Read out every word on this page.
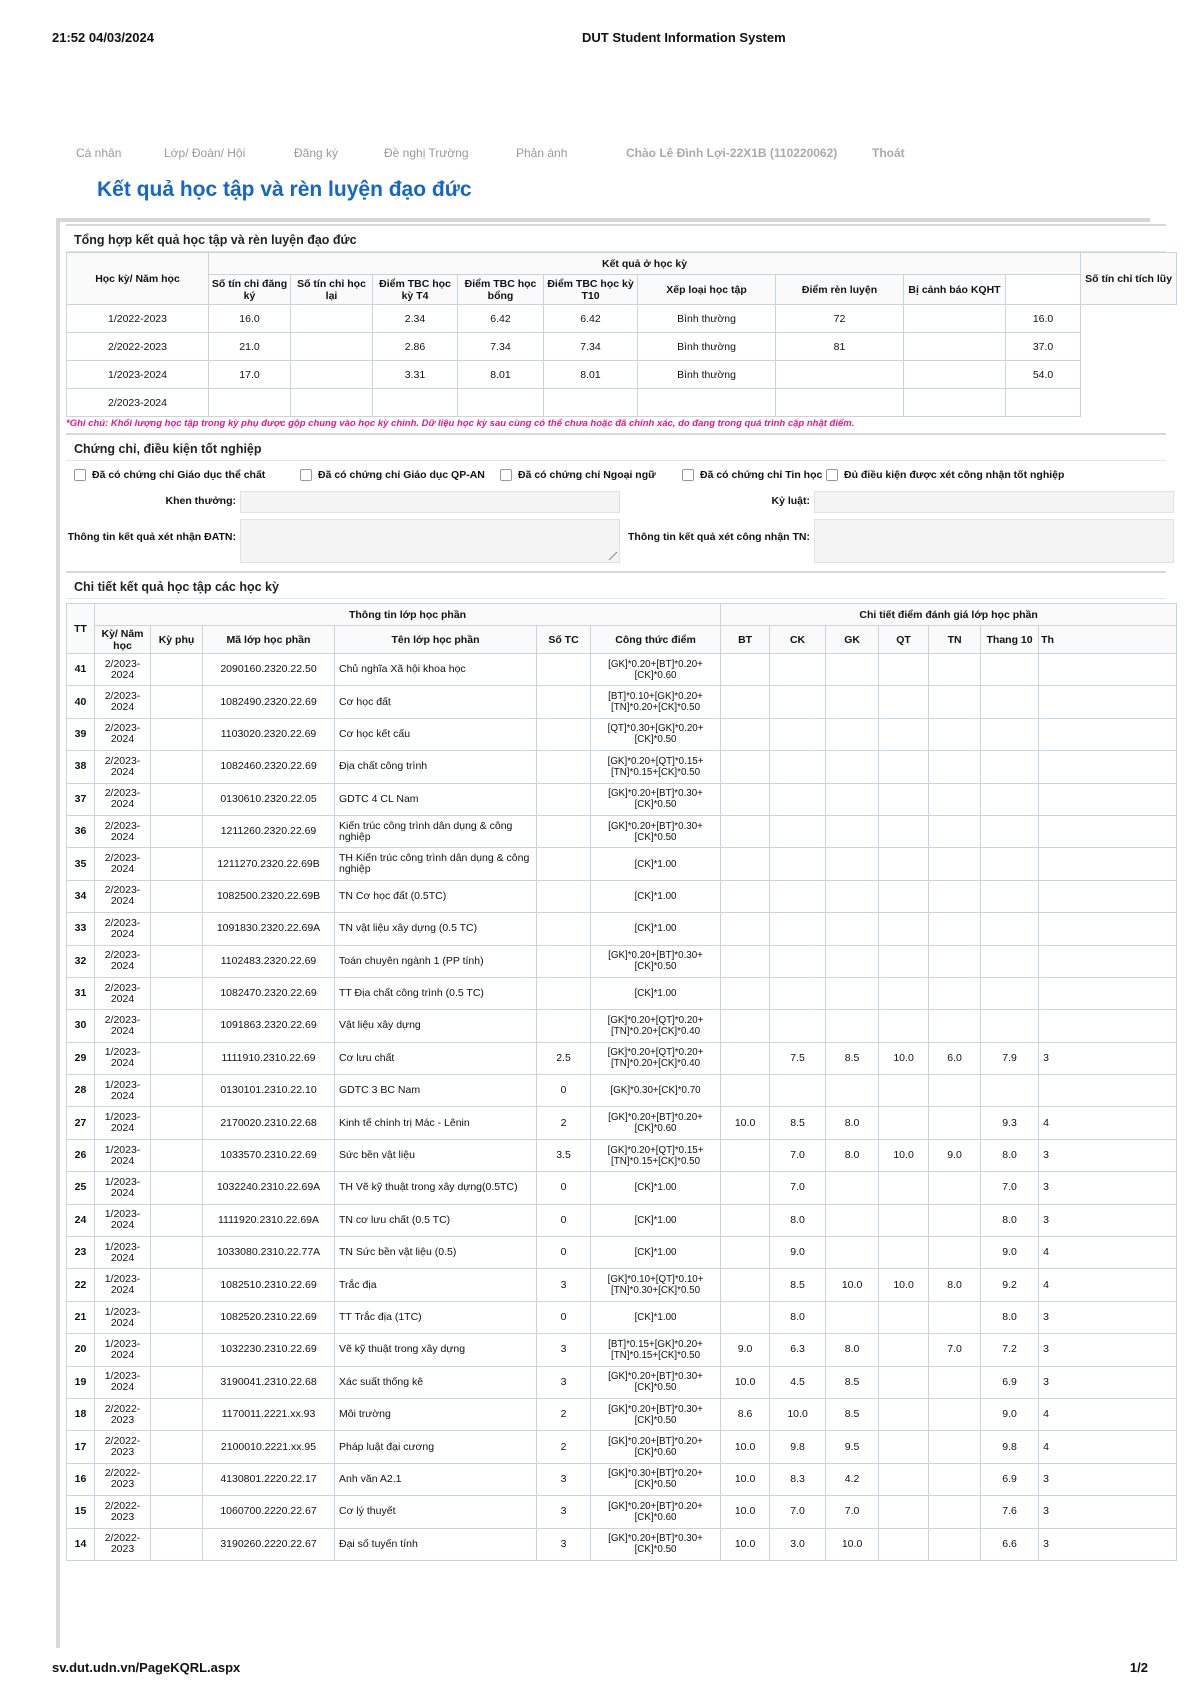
21:52 04/03/2024	DUT Student Information System
Cá nhân	Lớp/ Đoàn/ Hội	Đăng ký	Đề nghị Trường	Phản ánh	Chào Lê Đình Lợi-22X1B (110220062)	Thoát
Kết quả học tập và rèn luyện đạo đức
Tổng hợp kết quả học tập và rèn luyện đạo đức
Học kỳ/ Năm học	Kết quả ở học kỳ									Số tín chỉ tích lũy
	Số tín chỉ đăng ký	Số tín chỉ học lại	Điểm TBC học kỳ T4	Điểm TBC học bổng	Điểm TBC học kỳ T10	Xếp loại học tập	Điểm rèn luyện	Bị cảnh báo KQHT		
1/2022-2023	16.0		2.34	6.42	6.42	Bình thường	72		16.0	
2/2022-2023	21.0		2.86	7.34	7.34	Bình thường	81		37.0	
1/2023-2024	17.0		3.31	8.01	8.01	Bình thường			54.0	
2/2023-2024										
*Ghi chú: Khối lượng học tập trong kỳ phụ được gộp chung vào học kỳ chính. Dữ liệu học kỳ sau cùng có thể chưa hoặc đã chính xác, do đang trong quá trình cập nhật điểm.
Chứng chỉ, điều kiện tốt nghiệp
Đã có chứng chỉ Giáo dục thể chất	Đã có chứng chỉ Giáo dục QP-AN	Đã có chứng chỉ Ngoại ngữ	Đã có chứng chỉ Tin học Đủ điều kiện được xét công nhận tốt nghiệp
Khen thưởng:	Kỷ luật:
Thông tin kết quả xét nhận ĐATN:	Thông tin kết quả xét công nhận TN:
Chi tiết kết quả học tập các học kỳ
TT	Thông tin lớp học phần						Chi tiết điểm đánh giá lớp học phần						
	Kỳ/ Năm học	Kỳ phụ	Mã lớp học phần	Tên lớp học phần	Số TC	Công thức điểm	BT	CK	GK	QT	TN	Thang 10	Th
41	2/2023-2024		2090160.2320.22.50	Chủ nghĩa Xã hội khoa học		[GK]*0.20+[BT]*0.20+[CK]*0.60							
40	2/2023-2024		1082490.2320.22.69	Cơ học đất		[BT]*0.10+[GK]*0.20+[TN]*0.20+[CK]*0.50							
39	2/2023-2024		1103020.2320.22.69	Cơ học kết cấu		[QT]*0.30+[GK]*0.20+[CK]*0.50							
38	2/2023-2024		1082460.2320.22.69	Địa chất công trình		[GK]*0.20+[QT]*0.15+[TN]*0.15+[CK]*0.50							
37	2/2023-2024		0130610.2320.22.05	GDTC 4 CL Nam		[GK]*0.20+[BT]*0.30+[CK]*0.50							
36	2/2023-2024		1211260.2320.22.69	Kiến trúc công trình dân dụng & công nghiệp		[GK]*0.20+[BT]*0.30+[CK]*0.50							
35	2/2023-2024		1211270.2320.22.69B	TH Kiến trúc công trình dân dụng & công nghiệp		[CK]*1.00							
34	2/2023-2024		1082500.2320.22.69B	TN Cơ học đất (0.5TC)		[CK]*1.00							
33	2/2023-2024		1091830.2320.22.69A	TN vật liệu xây dựng (0.5 TC)		[CK]*1.00							
32	2/2023-2024		1102483.2320.22.69	Toán chuyên ngành 1 (PP tính)		[GK]*0.20+[BT]*0.30+[CK]*0.50							
31	2/2023-2024		1082470.2320.22.69	TT Địa chất công trình (0.5 TC)		[CK]*1.00							
30	2/2023-2024		1091863.2320.22.69	Vật liệu xây dựng		[GK]*0.20+[QT]*0.20+[TN]*0.20+[CK]*0.40							
29	1/2023-2024		1111910.2310.22.69	Cơ lưu chất	2.5	[GK]*0.20+[QT]*0.20+[TN]*0.20+[CK]*0.40		7.5	8.5	10.0	6.0	7.9	3
28	1/2023-2024		0130101.2310.22.10	GDTC 3 BC Nam	0	[GK]*0.30+[CK]*0.70							
27	1/2023-2024		2170020.2310.22.68	Kinh tế chính trị Mác - Lênin	2	[GK]*0.20+[BT]*0.20+[CK]*0.60	10.0	8.5	8.0			9.3	4
26	1/2023-2024		1033570.2310.22.69	Sức bền vật liệu	3.5	[GK]*0.20+[QT]*0.15+[TN]*0.15+[CK]*0.50		7.0	8.0	10.0	9.0	8.0	3
25	1/2023-2024		1032240.2310.22.69A	TH Vẽ kỹ thuật trong xây dựng(0.5TC)	0	[CK]*1.00		7.0				7.0	3
24	1/2023-2024		1111920.2310.22.69A	TN cơ lưu chất (0.5 TC)	0	[CK]*1.00		8.0				8.0	3
23	1/2023-2024		1033080.2310.22.77A	TN Sức bền vật liệu (0.5)	0	[CK]*1.00		9.0				9.0	4
22	1/2023-2024		1082510.2310.22.69	Trắc địa	3	[GK]*0.10+[QT]*0.10+[TN]*0.30+[CK]*0.50		8.5	10.0	10.0	8.0	9.2	4
21	1/2023-2024		1082520.2310.22.69	TT Trắc địa (1TC)	0	[CK]*1.00		8.0				8.0	3
20	1/2023-2024		1032230.2310.22.69	Vẽ kỹ thuật trong xây dựng	3	[BT]*0.15+[GK]*0.20+[TN]*0.15+[CK]*0.50	9.0	6.3	8.0		7.0	7.2	3
19	1/2023-2024		3190041.2310.22.68	Xác suất thống kê	3	[GK]*0.20+[BT]*0.30+[CK]*0.50	10.0	4.5	8.5			6.9	3
18	2/2022-2023		1170011.2221.xx.93	Môi trường	2	[GK]*0.20+[BT]*0.30+[CK]*0.50	8.6	10.0	8.5			9.0	4
17	2/2022-2023		2100010.2221.xx.95	Pháp luật đại cương	2	[GK]*0.20+[BT]*0.20+[CK]*0.60	10.0	9.8	9.5			9.8	4
16	2/2022-2023		4130801.2220.22.17	Anh văn A2.1	3	[GK]*0.30+[BT]*0.20+[CK]*0.50	10.0	8.3	4.2			6.9	3
15	2/2022-2023		1060700.2220.22.67	Cơ lý thuyết	3	[GK]*0.20+[BT]*0.20+[CK]*0.60	10.0	7.0	7.0			7.6	3
14	2/2022-2023		3190260.2220.22.67	Đại số tuyến tính	3	[GK]*0.20+[BT]*0.30+[CK]*0.50	10.0	3.0	10.0			6.6	3
sv.dut.udn.vn/PageKQRL.aspx	1/2
